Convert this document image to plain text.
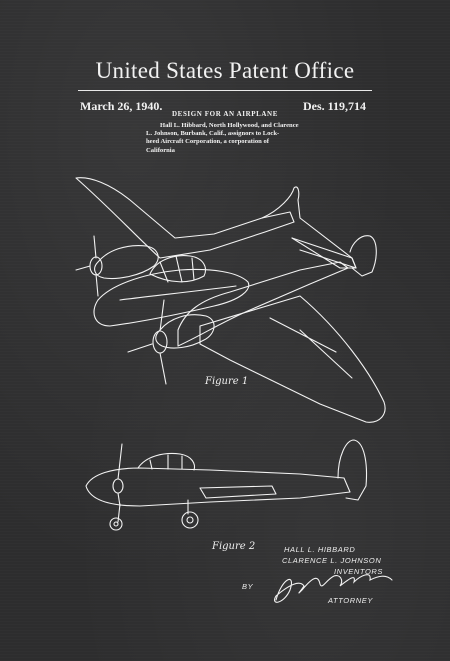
United States Patent Office
March 26, 1940.	Des. 119,714
DESIGN FOR AN AIRPLANE
Hall L. Hibbard, North Hollywood, and Clarence
L. Johnson, Burbank, Calif., assignors to Lock-
heed Aircraft Corporation, a corporation of
California
Figure 1
Figure 2	HALL L. HIBBARD
CLARENCE L. JOHNSON
INVENTORS
BY
ATTORNEY
